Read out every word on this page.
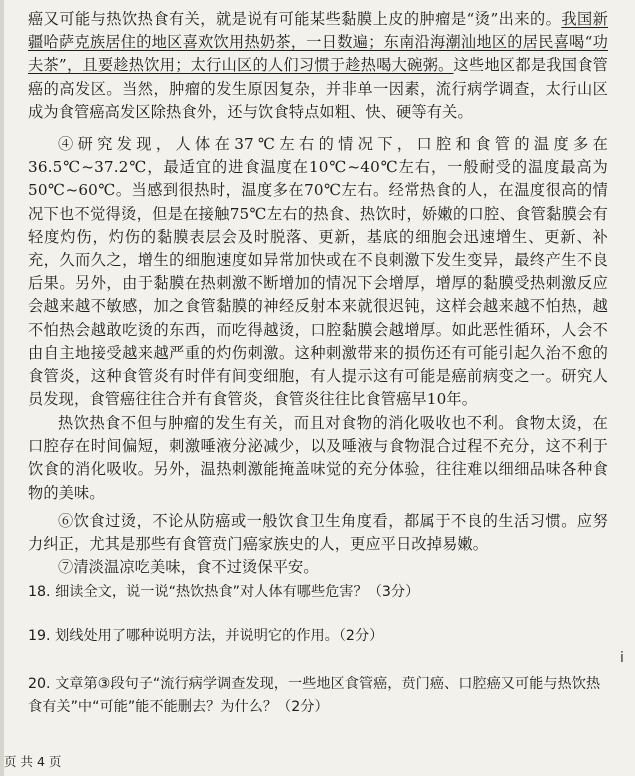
癌又可能与热饮热食有关，就是说有可能某些黏膜上皮的肿瘤是“烫”出来的。我国新疆哈萨克族居住的地区喜欢饮用热奶茶，一日数遍；东南沿海潮汕地区的居民喜喝“功夫茶”，且要趁热饮用；太行山区的人们习惯于趁热喝大碗粥。这些地区都是我国食管癌的高发区。当然，肿瘤的发生原因复杂，并非单一因素，流行病学调查，太行山区成为食管癌高发区除热食外，还与饮食特点如粗、快、硬等有关。
④研究发现，人体在37℃左右的情况下，口腔和食管的温度多在36.5℃~37.2℃，最适宜的进食温度在10℃~40℃左右，一般耐受的温度最高为50℃~60℃。当感到很热时，温度多在70℃左右。经常热食的人，在温度很高的情况下也不觉得烫，但是在接触75℃左右的热食、热饮时，娇嫩的口腔、食管黏膜会有轻度灼伤，灼伤的黏膜表层会及时脱落、更新，基底的细胞会迅速增生、更新、补充，久而久之，增生的细胞速度如异常加快或在不良刺激下发生变异，最终产生不良后果。另外，由于黏膜在热刺激不断增加的情况下会增厚，增厚的黏膜受热刺激反应会越来越不敏感，加之食管黏膜的神经反射本来就很迟钝，这样会越来越不怕热，越不怕热会越敢吃烫的东西，而吃得越烫，口腔黏膜会越增厚。如此恶性循环，人会不由自主地接受越来越严重的灼伤刺激。这种刺激带来的损伤还有可能引起久治不愈的食管炎，这种食管炎有时伴有间变细胞，有人提示这有可能是癌前病变之一。研究人员发现，食管癌往往合并有食管炎，食管炎往往比食管癌早10年。
热饮热食不但与肿瘤的发生有关，而且对食物的消化吸收也不利。食物太烫，在口腔存在时间偏短，刺激唾液分泌减少，以及唾液与食物混合过程不充分，这不利于饮食的消化吸收。另外，温热刺激能掩盖味觉的充分体验，往往难以细细品味各种食物的美味。
⑥饮食过烫，不论从防癌或一般饮食卫生角度看，都属于不良的生活习惯。应努力纠正，尤其是那些有食管贲门癌家族史的人，更应平日改掉易嫩。
⑦清淡温凉吃美味，食不过烫保平安。
18. 细读全文，说一说“热饮热食”对人体有哪些危害？（3分）
19. 划线处用了哪种说明方法，并说明它的作用。（2分）
20. 文章第③段句子“流行病学调查发现，一些地区食管癌，贲门癌、口腔癌又可能与热饮热食有关”中“可能”能不能删去？为什么？（2分）
i
页 共 4 页
